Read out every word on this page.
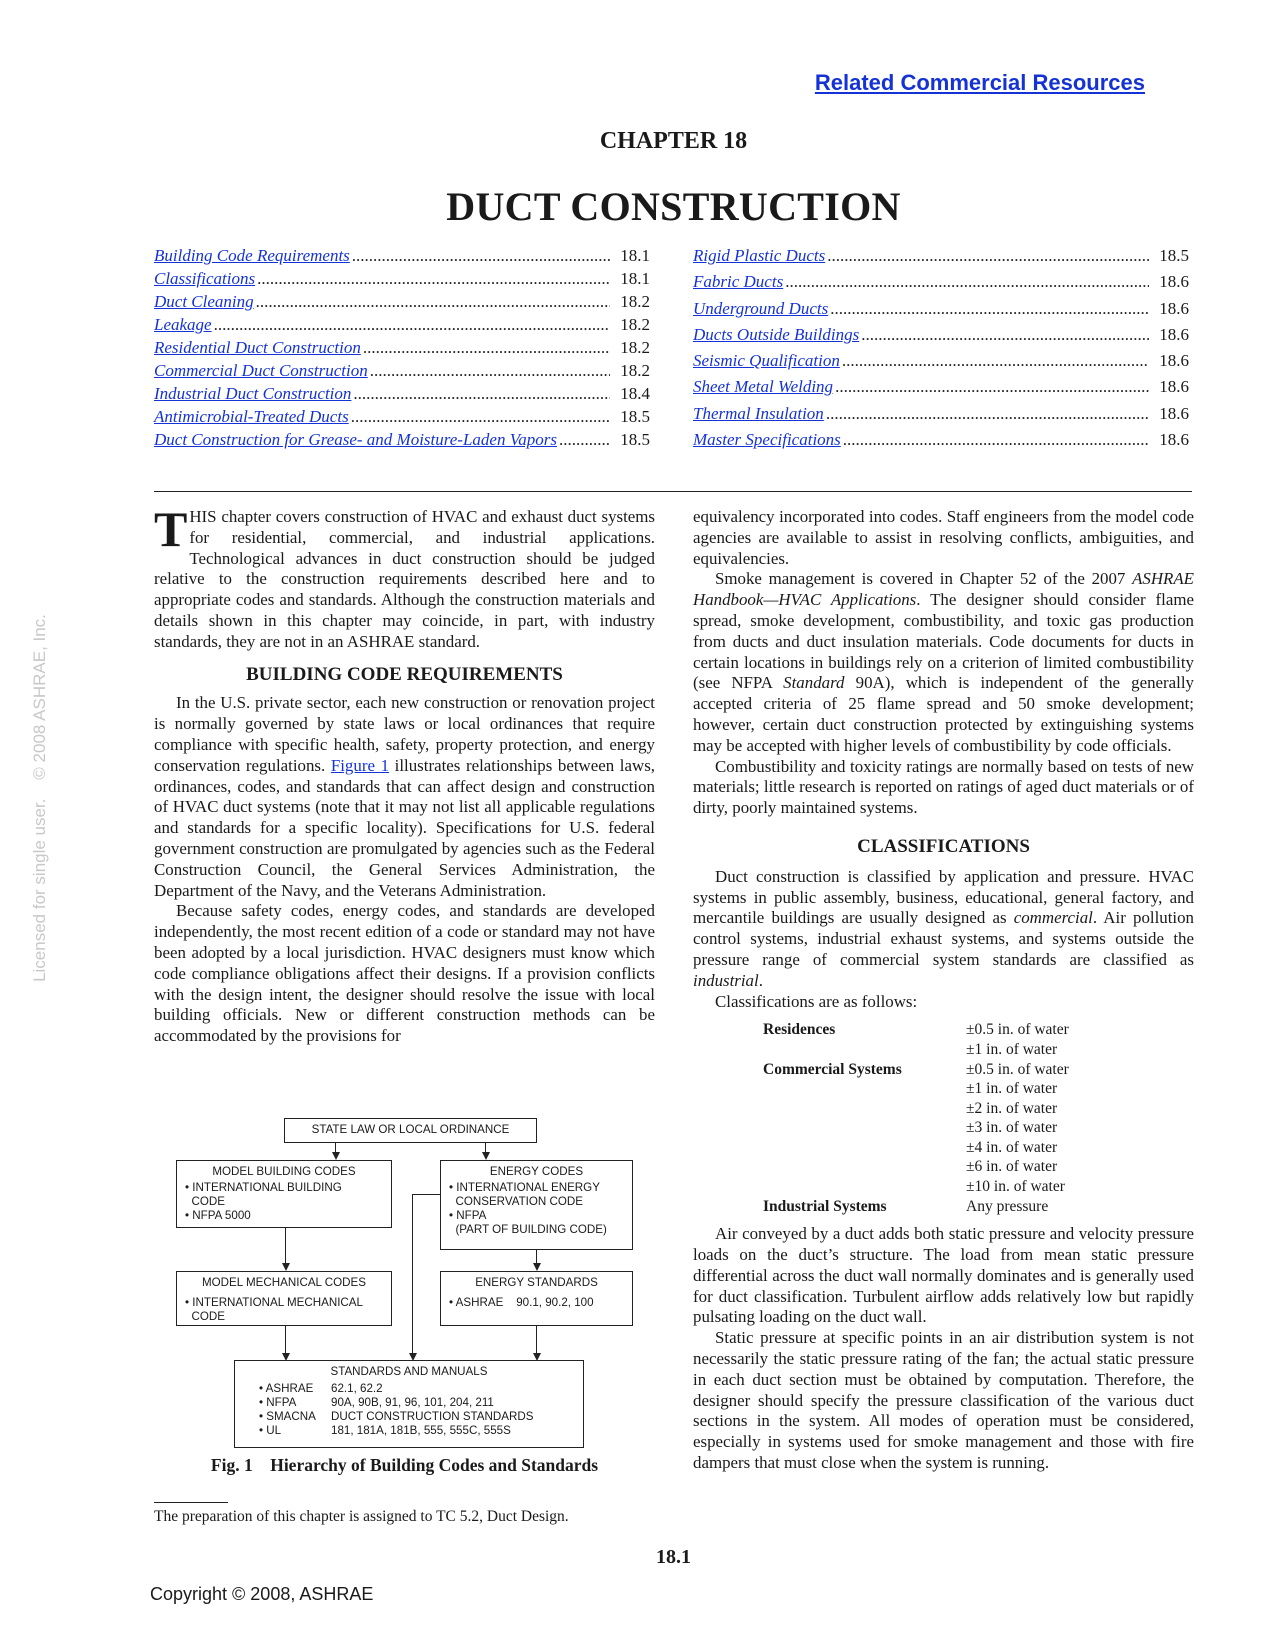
Licensed for single user.    © 2008 ASHRAE, Inc.
Related Commercial Resources
CHAPTER 18
DUCT CONSTRUCTION
Building Code Requirements .....	18.1
Classifications .....	18.1
Duct Cleaning .....	18.2
Leakage .....	18.2
Residential Duct Construction .....	18.2
Commercial Duct Construction .....	18.2
Industrial Duct Construction .....	18.4
Antimicrobial-Treated Ducts .....	18.5
Duct Construction for Grease- and Moisture-Laden Vapors .....	18.5
Rigid Plastic Ducts .....	18.5
Fabric Ducts .....	18.6
Underground Ducts .....	18.6
Ducts Outside Buildings .....	18.6
Seismic Qualification .....	18.6
Sheet Metal Welding .....	18.6
Thermal Insulation .....	18.6
Master Specifications .....	18.6

THIS chapter covers construction of HVAC and exhaust duct systems for residential, commercial, and industrial applications. Technological advances in duct construction should be judged relative to the construction requirements described here and to appropriate codes and standards. Although the construction materials and details shown in this chapter may coincide, in part, with industry standards, they are not in an ASHRAE standard.

BUILDING CODE REQUIREMENTS

In the U.S. private sector, each new construction or renovation project is normally governed by state laws or local ordinances that require compliance with specific health, safety, property protection, and energy conservation regulations. Figure 1 illustrates relationships between laws, ordinances, codes, and standards that can affect design and construction of HVAC duct systems (note that it may not list all applicable regulations and standards for a specific locality). Specifications for U.S. federal government construction are promulgated by agencies such as the Federal Construction Council, the General Services Administration, the Department of the Navy, and the Veterans Administration.

Because safety codes, energy codes, and standards are developed independently, the most recent edition of a code or standard may not have been adopted by a local jurisdiction. HVAC designers must know which code compliance obligations affect their designs. If a provision conflicts with the design intent, the designer should resolve the issue with local building officials. New or different construction methods can be accommodated by the provisions for

equivalency incorporated into codes. Staff engineers from the model code agencies are available to assist in resolving conflicts, ambiguities, and equivalencies.

Smoke management is covered in Chapter 52 of the 2007 ASHRAE Handbook—HVAC Applications. The designer should consider flame spread, smoke development, combustibility, and toxic gas production from ducts and duct insulation materials. Code documents for ducts in certain locations in buildings rely on a criterion of limited combustibility (see NFPA Standard 90A), which is independent of the generally accepted criteria of 25 flame spread and 50 smoke development; however, certain duct construction protected by extinguishing systems may be accepted with higher levels of combustibility by code officials.

Combustibility and toxicity ratings are normally based on tests of new materials; little research is reported on ratings of aged duct materials or of dirty, poorly maintained systems.

CLASSIFICATIONS

Duct construction is classified by application and pressure. HVAC systems in public assembly, business, educational, general factory, and mercantile buildings are usually designed as commercial. Air pollution control systems, industrial exhaust systems, and systems outside the pressure range of commercial system standards are classified as industrial.

Classifications are as follows:

Residences	±0.5 in. of water
	±1 in. of water
Commercial Systems	±0.5 in. of water
	±1 in. of water
	±2 in. of water
	±3 in. of water
	±4 in. of water
	±6 in. of water
	±10 in. of water
Industrial Systems	Any pressure

Air conveyed by a duct adds both static pressure and velocity pressure loads on the duct’s structure. The load from mean static pressure differential across the duct wall normally dominates and is generally used for duct classification. Turbulent airflow adds relatively low but rapidly pulsating loading on the duct wall.

Static pressure at specific points in an air distribution system is not necessarily the static pressure rating of the fan; the actual static pressure in each duct section must be obtained by computation. Therefore, the designer should specify the pressure classification of the various duct sections in the system. All modes of operation must be considered, especially in systems used for smoke management and those with fire dampers that must close when the system is running.

STATE LAW OR LOCAL ORDINANCE
MODEL BUILDING CODES
• INTERNATIONAL BUILDING
CODE
• NFPA 5000
ENERGY CODES
• INTERNATIONAL ENERGY
CONSERVATION CODE
• NFPA
(PART OF BUILDING CODE)
MODEL MECHANICAL CODES
• INTERNATIONAL MECHANICAL
CODE
ENERGY STANDARDS
• ASHRAE 90.1, 90.2, 100
STANDARDS AND MANUALS
• ASHRAE 62.1, 62.2
• NFPA	90A, 90B, 91, 96, 101, 204, 211
• SMACNA DUCT CONSTRUCTION STANDARDS
• UL	181, 181A, 181B, 555, 555C, 555S
Fig. 1    Hierarchy of Building Codes and Standards
The preparation of this chapter is assigned to TC 5.2, Duct Design.
18.1
Copyright © 2008, ASHRAE
